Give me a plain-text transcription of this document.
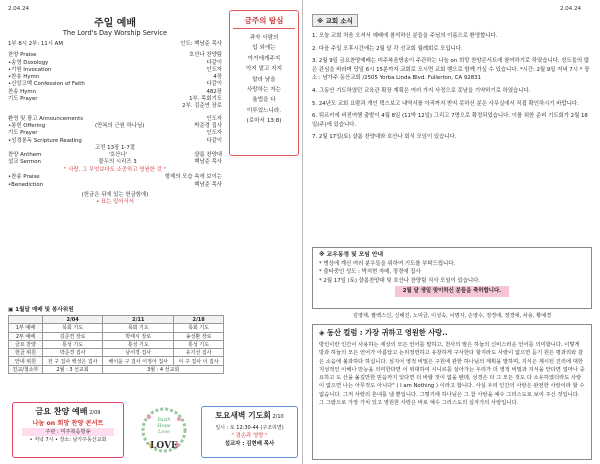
2.04.24
주일 예배
The Lord's Day Worship Service
1부 8시 2부: 11시 AM	인도: 백남준 목사
찬양 Praise	호산나 찬양팀
•송영 Doxology	다같이
•기원 Invocation	인도자
•찬송 Hymn	4장
•신앙고백 Confession of Faith	다같이
찬송 Hymn	482장
기도 Prayer	1부. 목회기도
2부. 김준연 장로
환영 및 광고 Announcements	인도자
•봉헌 Offering	(만복의 근원 하나님)	박준경 집사
기도 Prayer	인도자
•성경봉독 Scripture Reading	다같이
고전 13장 1-7절
찬양 Anthem	'호산나'	샬롬 찬양대
설교 Sermon	물두의 시리즈 3	백남준 목사
" 사랑. 그 무엇보다도 소중하고 영원한 것 "
•찬송 Praise	형제의 모습 속에 보이는
•Benediction	백남준 목사
(헌금은 뒤에 있는 헌금함에)
• 표는 일어서서
금주의 탐심
과자 사람의
입 외에는
아거에게주지
아지 말고 지지
말라 남을
사랑하는 자는
율법을 다
이루었느니라.
(로마서 13:8)
▣ 1월달 예배 및 봉사위원
	2/04	2/11	2/18
1부 예배	목회 기도	목회 기도	목회 기도
2부 예배	김준연 장로	박태식 장로	송성환 장로
금요 찬양	통성 기도	통성 기도	통성 기도
헌금 위원	박준경 집사	남서경 집사	유기선 집사
안내 위원	전 구 집사 백성은 집사	해이윤 구 집사 이정아 집사	이 구 집사 이 집사
친교/청소부	2월 : 3 선교회	3월 : 4 선교회	
금요 찬양 예배 2/09
나눔 on 희망 찬양 콘서트
주관 : 미주복음방송
• 저녁 7시 • 장소: 남가주동산교회
Faith
Hope
Love
LOVE
토요새벽 기도회 2/10
일시 : 토 12:30-44 (구조리면)
" 겸손과 영향 "
설교자 : 김현배 목사
2.04.24
※ 교회 소식

1. 오늘 교회 처음 오셔서 예배에 참석하신 분들을 주님의 이름으로 환영합니다.

2. 다음 주일 오후시간에는 2월 달 각 선교회 월례회로 모입니다.

3. 2월 9일 금요찬양예배는 미주복음방송이 주관하는 나눔 on 희망 찬양콘서트에 참여하기로 하였습니다. 성도들의 많은 관심을 바라며 당일 6시 15분까지 교회로 오시면 교회 밴으로 함께 가실 수 있습니다. *시간: 2월 9일 저녁 7시 * 장소 : 남가주 동산교회 /2505 Yorba Linda Blvd. Fullerton, CA 92831

4. 그동안 기도하였던 교육관 확장 계획은 여러 가지 사정으로 못남을 기약하기로 하였습니다.

5. 24년도 교회 요람과 개인 텍스보고 내역서를 아직까지 받지 못하신 분은 사무실에서 직접 확인하시기 바랍니다.

6. 튀르키에 비전여행 출발이 4월 8일 (11박 12일) 그리고 7명으로 확정되었습니다. 이를 위한 준비 기도회가 2월 18일(주)에 있습니다.

7. 2월 17일(토) 샬롬 찬양대와 호산나 회식 모임이 있습니다.

※ 교우동정 및 모임 안내
* 병상에 계신 여러 분우들을 위하여 기도를 부탁드립니다.
* 출타중인 성도 : 박지현 자매, 정경애 집사
* 2월 17일 (토) 샬롬찬양대 및 호산나 찬양팀 식사 모임이 있습니다.
2월 달 생일 맞이하신 분들을 축하합니다.
김영재, 팔백스신, 신해진, 노덕글, 이성숙, 이명자, 손영수, 정경애, 정경애, 차용, 황예경
◈ 동산 컬럼 : 가장 귀하고 영원한 사랑..
방인이란 인간이 사용하는 세상의 모든 언어를 말하고, 천사의 말은 하늘의 신비스러운 언어를 의미합니다. 이렇게 방과 하늘의 모든 언어가 아름답고 논리정연하고 유창하게 구사한다 할지라도 사랑이 없으면 듣기 원든 평과리와 같은 소음에 불과하다 하십니다. 심지어 영적 비밀은 구원에 관한 하나님의 계획을 말하며, 지식은 계시된 진리에 대한 지성적인 이해나 만능을 의미한다면 이 위대하여 시니르를 살아가는 우리가 더 영적 비밀과 지식을 안다면 얼마나 중요하고 도 산을 옮길만한 믿음까지 있다면 더 바랄 것이 없을 텐데, 성경은 더 그 모든 것도 다 소유하였더라도 사랑이 없으면 나는 아무것도 아니다" ( I am Nothing ) 이라고 합니다. 사실 우리 인간의 사랑은 완전한 사랑이라 할 수 없습니다. 그저 사랑의 흔내를 낼 뿐입니다. 그렇기에 하나님은 그 참 사랑을 예수 그리스도로 보여 주신 것입니다. 그 그랍으로 가장 가치 있고 영원한 사랑은 바로 예수 그리스도의 십자가의 사랑입니다.
